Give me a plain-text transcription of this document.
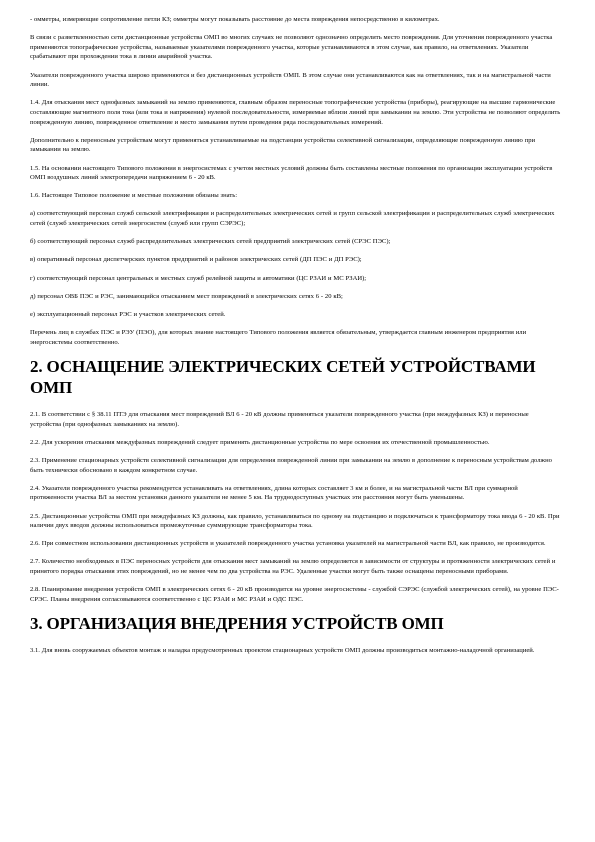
- омметры, измеряющие сопротивление петли КЗ; омметры могут показывать расстояние до места повреждения непосредственно в километрах.

В связи с разветвленностью сети дистанционные устройства ОМП во многих случаях не позволяют однозначно определить место повреждения. Для уточнения поврежденного участка применяются топографические устройства, называемые указателями поврежденного участка, которые устанавливаются в этом случае, как правило, на ответвлениях. Указатели срабатывают при прохождении тока в линии аварийной участка.

Указатели поврежденного участка широко применяются и без дистанционных устройств ОМП. В этом случае они устанавливаются как на ответвлениях, так и на магистральной части линии.

1.4. Для отыскания мест однофазных замыканий на землю применяются, главным образом переносные топографические устройства (приборы), реагирующие на высшие гармонические составляющие магнитного поля тока (или тока и напряжения) нулевой последовательности, измеряемые вблизи линий при замыкании на землю. Эти устройства не позволяют определить поврежденную линию, поврежденное ответвление и место замыкания путем проведения ряда последовательных измерений.

Дополнительно к переносным устройствам могут применяться устанавливаемые на подстанции устройства селективной сигнализации, определяющие поврежденную линию при замыкании на землю.

1.5. На основании настоящего Типового положения в энергосистемах с учетом местных условий должны быть составлены местные положения по организации эксплуатации устройств ОМП воздушных линий электропередачи напряжением 6 - 20 кВ.

1.6. Настоящее Типовое положение и местные положения обязаны знать:

а) соответствующий персонал служб сельской электрификации и распределительных электрических сетей и групп сельской электрификации и распределительных служб электрических сетей (служб электрических сетей энергосистем (служб или групп СЭРЭС);

б) соответствующий персонал служб распределительных электрических сетей предприятий электрических сетей (СРЭС ПЭС);

в) оперативный персонал диспетчерских пунктов предприятий и районов электрических сетей (ДП ПЭС и ДП РЭС);

г) соответствующий персонал центральных и местных служб релейной защиты и автоматики (ЦС РЗАИ и МС РЗАИ);

д) персонал ОВБ ПЭС и РЭС, занимающийся отысканием мест повреждений в электрических сетях 6 - 20 кВ;

е) эксплуатационный персонал РЭС и участков электрических сетей.

Перечень лиц в службах ПЭС и РЭУ (ПЭО), для которых знание настоящего Типового положения является обязательным, утверждается главным инженером предприятия или энергосистемы соответственно.

2. ОСНАЩЕНИЕ ЭЛЕКТРИЧЕСКИХ СЕТЕЙ УСТРОЙСТВАМИ ОМП

2.1. В соответствии с § 38.11 ПТЭ для отыскания мест повреждений ВЛ 6 - 20 кВ должны применяться указатели поврежденного участка (при междуфазных КЗ) и переносные устройства (при однофазных замыканиях на землю).

2.2. Для ускорения отыскания междуфазных повреждений следует применять дистанционные устройства по мере освоения их отечественной промышленностью.

2.3. Применение стационарных устройств селективной сигнализации для определения поврежденной линии при замыкании на землю в дополнение к переносным устройствам должно быть технически обосновано в каждом конкретном случае.

2.4. Указатели поврежденного участка рекомендуется устанавливать на ответвлениях, длина которых составляет 3 км и более, и на магистральной части ВЛ при суммарной протяженности участка ВЛ за местом установки данного указателя не менее 5 км. На труднодоступных участках эти расстояния могут быть уменьшены.

2.5. Дистанционные устройства ОМП при междуфазных КЗ должны, как правило, устанавливаться по одному на подстанцию и подключаться к трансформатору тока ввода 6 - 20 кВ. При наличии двух вводов должны использоваться промежуточные суммирующие трансформаторы тока.

2.6. При совместном использовании дистанционных устройств и указателей поврежденного участка установка указателей на магистральной части ВЛ, как правило, не производится.

2.7. Количество необходимых в ПЭС переносных устройств для отыскания мест замыканий на землю определяется в зависимости от структуры и протяженности электрических сетей и принятого порядка отыскания этих повреждений, но не менее чем по два устройства на РЭС. Удаленные участки могут быть также оснащены переносными приборами.

2.8. Планирование внедрения устройств ОМП в электрических сетях 6 - 20 кВ производится на уровне энергосистемы - службой СЭРЭС (службой электрических сетей), на уровне ПЭС-СРЭС. Планы внедрения согласовываются соответственно с ЦС РЗАИ и МС РЗАИ и ОДС ПЭС.

3. ОРГАНИЗАЦИЯ ВНЕДРЕНИЯ УСТРОЙСТВ ОМП

3.1. Для вновь сооружаемых объектов монтаж и наладка предусмотренных проектом стационарных устройств ОМП должны производиться монтажно-наладочной организацией.
